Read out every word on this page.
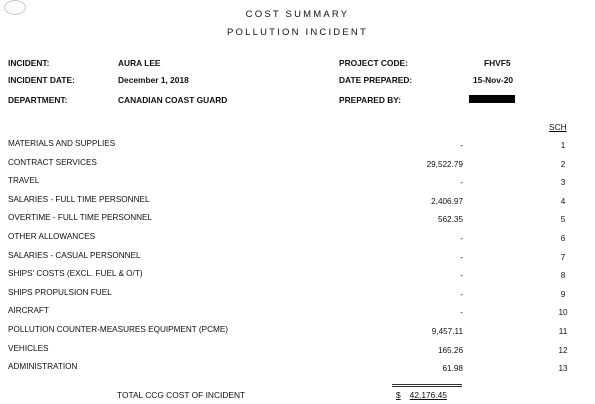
COST SUMMARY
POLLUTION INCIDENT
INCIDENT:	AURA LEE	PROJECT CODE:	FHVF5
INCIDENT DATE:	December 1, 2018	DATE PREPARED:	15-Nov-20
DEPARTMENT:	CANADIAN COAST GUARD	PREPARED BY:
SCH
MATERIALS AND SUPPLIES	-	1
CONTRACT SERVICES	29,522.79	2
TRAVEL	-	3
SALARIES - FULL TIME PERSONNEL	2,406.97	4
OVERTIME - FULL TIME PERSONNEL	562.35	5
OTHER ALLOWANCES	-	6
SALARIES - CASUAL PERSONNEL	-	7
SHIPS' COSTS (EXCL. FUEL & O/T)	-	8
SHIPS PROPULSION FUEL	-	9
AIRCRAFT	-	10
POLLUTION COUNTER-MEASURES EQUIPMENT (PCME)	9,457.11	11
VEHICLES	165.26	12
ADMINISTRATION	61.98	13
TOTAL CCG COST OF INCIDENT	$ 42,176.45
